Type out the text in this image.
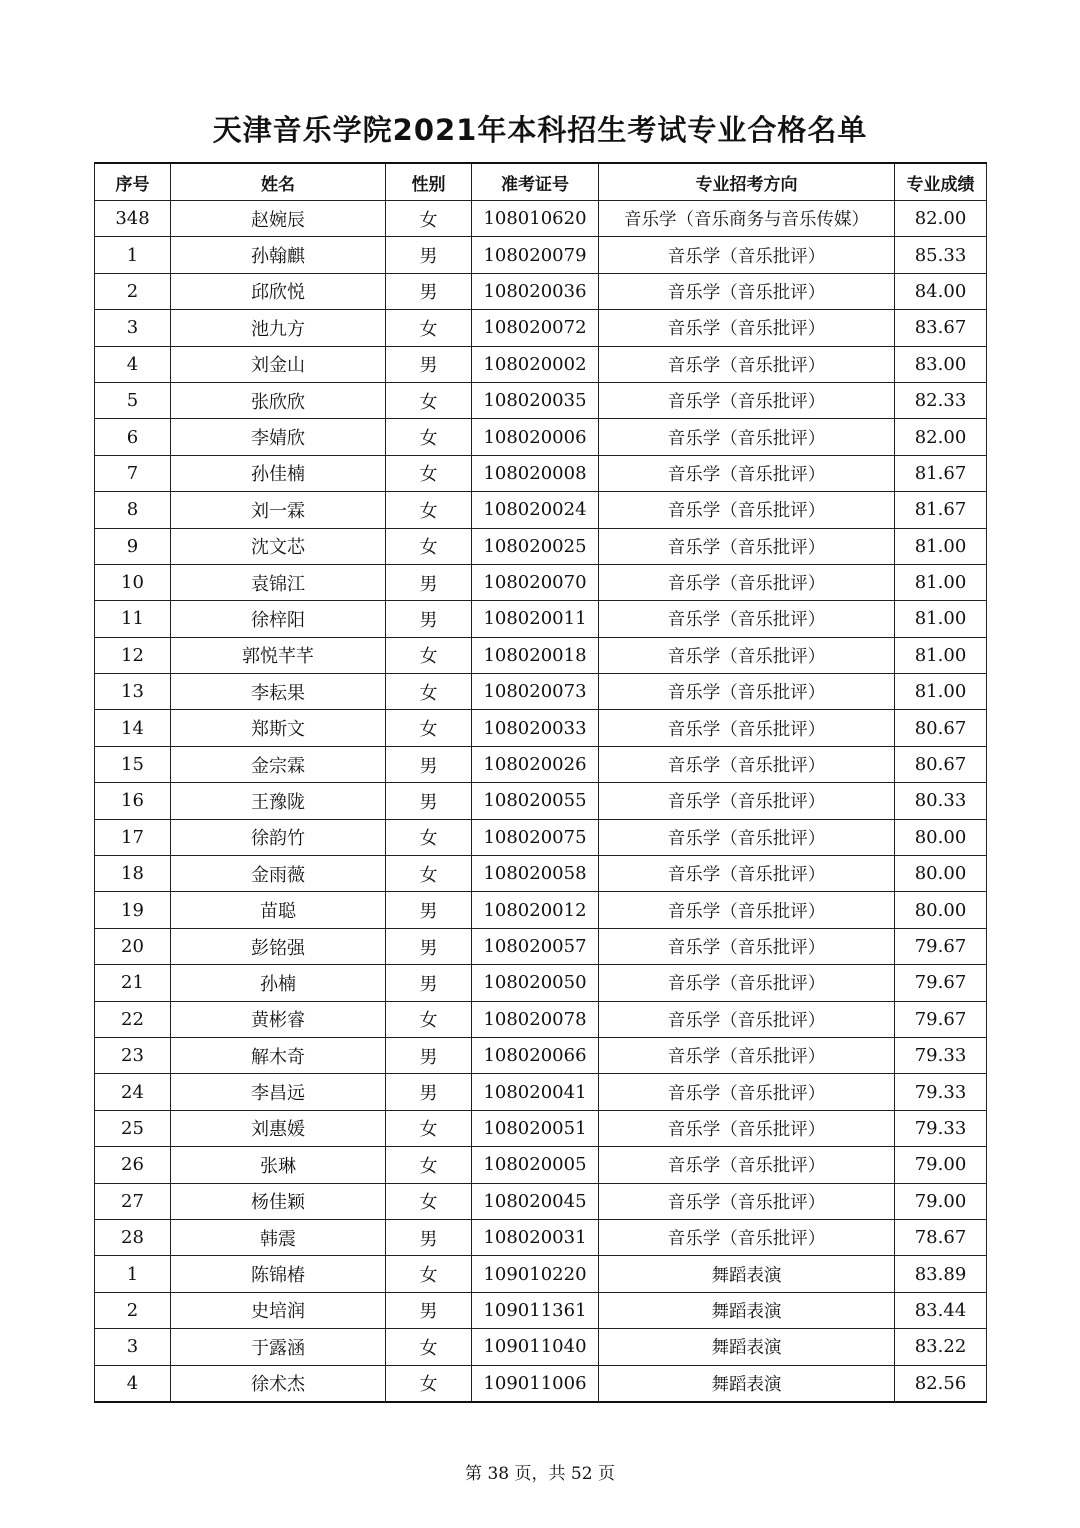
天津音乐学院2021年本科招生考试专业合格名单
序号	姓名	性别	准考证号	专业招考方向	专业成绩
348	赵婉辰	女	108010620	音乐学（音乐商务与音乐传媒）	82.00
1	孙翰麒	男	108020079	音乐学（音乐批评）	85.33
2	邱欣悦	男	108020036	音乐学（音乐批评）	84.00
3	池九方	女	108020072	音乐学（音乐批评）	83.67
4	刘金山	男	108020002	音乐学（音乐批评）	83.00
5	张欣欣	女	108020035	音乐学（音乐批评）	82.33
6	李婧欣	女	108020006	音乐学（音乐批评）	82.00
7	孙佳楠	女	108020008	音乐学（音乐批评）	81.67
8	刘一霖	女	108020024	音乐学（音乐批评）	81.67
9	沈文芯	女	108020025	音乐学（音乐批评）	81.00
10	袁锦江	男	108020070	音乐学（音乐批评）	81.00
11	徐梓阳	男	108020011	音乐学（音乐批评）	81.00
12	郭悦芊芊	女	108020018	音乐学（音乐批评）	81.00
13	李耘果	女	108020073	音乐学（音乐批评）	81.00
14	郑斯文	女	108020033	音乐学（音乐批评）	80.67
15	金宗霖	男	108020026	音乐学（音乐批评）	80.67
16	王豫陇	男	108020055	音乐学（音乐批评）	80.33
17	徐韵竹	女	108020075	音乐学（音乐批评）	80.00
18	金雨薇	女	108020058	音乐学（音乐批评）	80.00
19	苗聪	男	108020012	音乐学（音乐批评）	80.00
20	彭铭强	男	108020057	音乐学（音乐批评）	79.67
21	孙楠	男	108020050	音乐学（音乐批评）	79.67
22	黄彬睿	女	108020078	音乐学（音乐批评）	79.67
23	解木奇	男	108020066	音乐学（音乐批评）	79.33
24	李昌远	男	108020041	音乐学（音乐批评）	79.33
25	刘惠媛	女	108020051	音乐学（音乐批评）	79.33
26	张琳	女	108020005	音乐学（音乐批评）	79.00
27	杨佳颖	女	108020045	音乐学（音乐批评）	79.00
28	韩震	男	108020031	音乐学（音乐批评）	78.67
1	陈锦椿	女	109010220	舞蹈表演	83.89
2	史培润	男	109011361	舞蹈表演	83.44
3	于露涵	女	109011040	舞蹈表演	83.22
4	徐术杰	女	109011006	舞蹈表演	82.56
第 38 页，共 52 页
